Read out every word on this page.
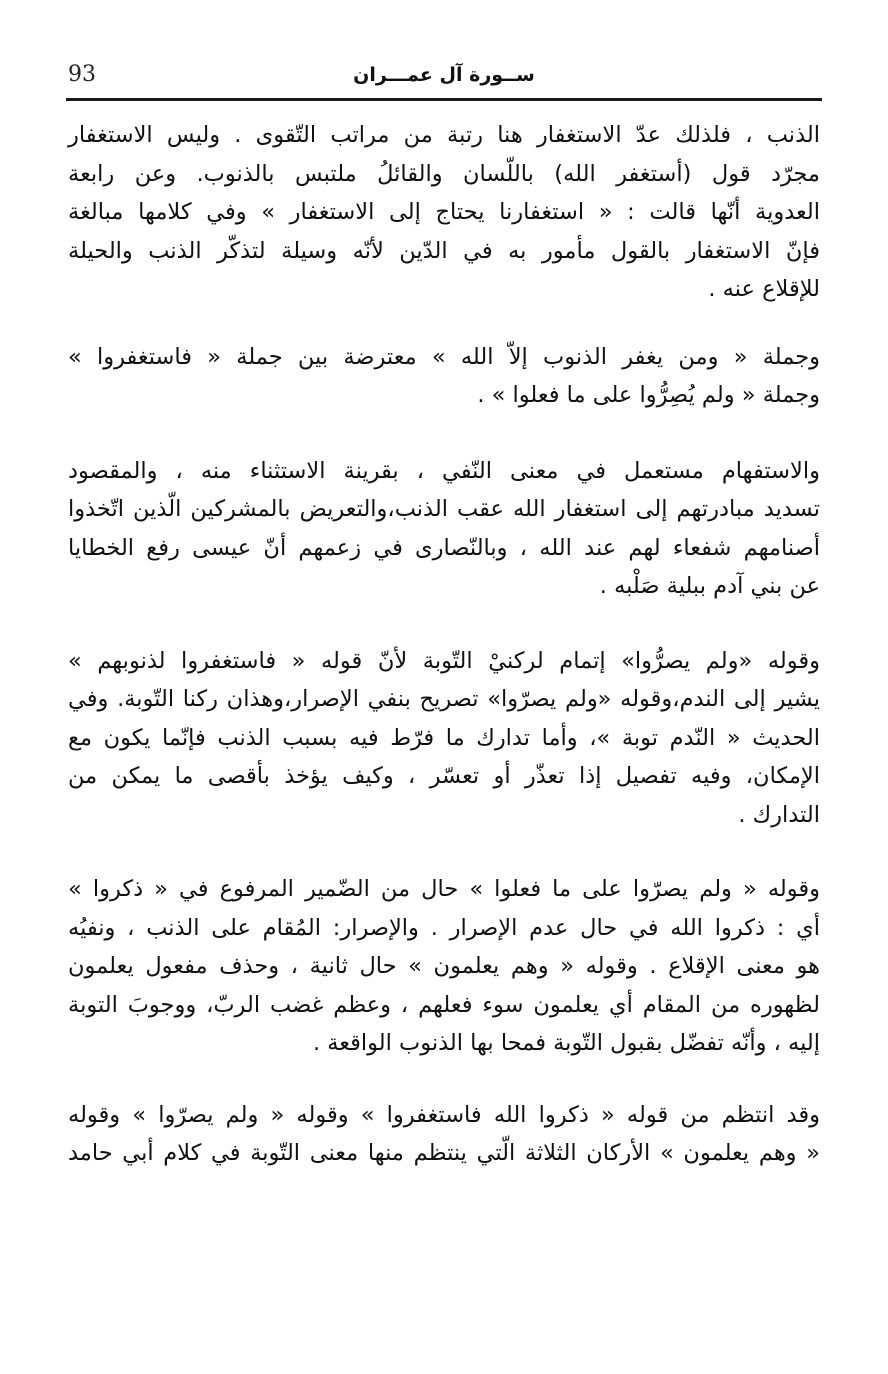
93	ســورة آل عمـــران

الذنب ، فلذلك عدّ الاستغفار هنا رتبة من مراتب التّقوى . وليس الاستغفار
مجرّد قول (أستغفر الله) باللّسان والقائلُ ملتبس بالذنوب. وعن رابعة
العدوية أنّها قالت : « استغفارنا يحتاج إلى الاستغفار » وفي كلامها مبالغة
فإنّ الاستغفار بالقول مأمور به في الدّين لأنّه وسيلة لتذكّر الذنب والحيلة
للإقلاع عنه .

وجملة « ومن يغفر الذنوب إلاّ الله » معترضة بين جملة « فاستغفروا »
وجملة « ولم يُصِرُّوا على ما فعلوا » .

والاستفهام مستعمل في معنى النّفي ، بقرينة الاستثناء منه ، والمقصود
تسديد مبادرتهم إلى استغفار الله عقب الذنب،والتعريض بالمشركين الّذين اتّخذوا
أصنامهم شفعاء لهم عند الله ، وبالنّصارى في زعمهم أنّ عيسى رفع الخطايا
عن بني آدم ببلية صَلْبه .

وقوله «ولم يصرُّوا» إتمام لركنيْ التّوبة لأنّ قوله « فاستغفروا لذنوبهم »
يشير إلى الندم،وقوله «ولم يصرّوا» تصريح بنفي الإصرار،وهذان ركنا التّوبة. وفي
الحديث « النّدم توبة »، وأما تدارك ما فرّط فيه بسبب الذنب فإنّما يكون مع
الإمكان، وفيه تفصيل إذا تعذّر أو تعسّر ، وكيف يؤخذ بأقصى ما يمكن من
التدارك .

وقوله « ولم يصرّوا على ما فعلوا » حال من الضّمير المرفوع في « ذكروا »
أي : ذكروا الله في حال عدم الإصرار . والإصرار: المُقام على الذنب ، ونفيُه
هو معنى الإقلاع . وقوله « وهم يعلمون » حال ثانية ، وحذف مفعول يعلمون
لظهوره من المقام أي يعلمون سوء فعلهم ، وعظم غضب الربّ، ووجوبَ التوبة
إليه ، وأنّه تفضّل بقبول التّوبة فمحا بها الذنوب الواقعة .

وقد انتظم من قوله « ذكروا الله فاستغفروا » وقوله « ولم يصرّوا » وقوله
« وهم يعلمون » الأركان الثلاثة الّتي ينتظم منها معنى التّوبة في كلام أبي حامد
